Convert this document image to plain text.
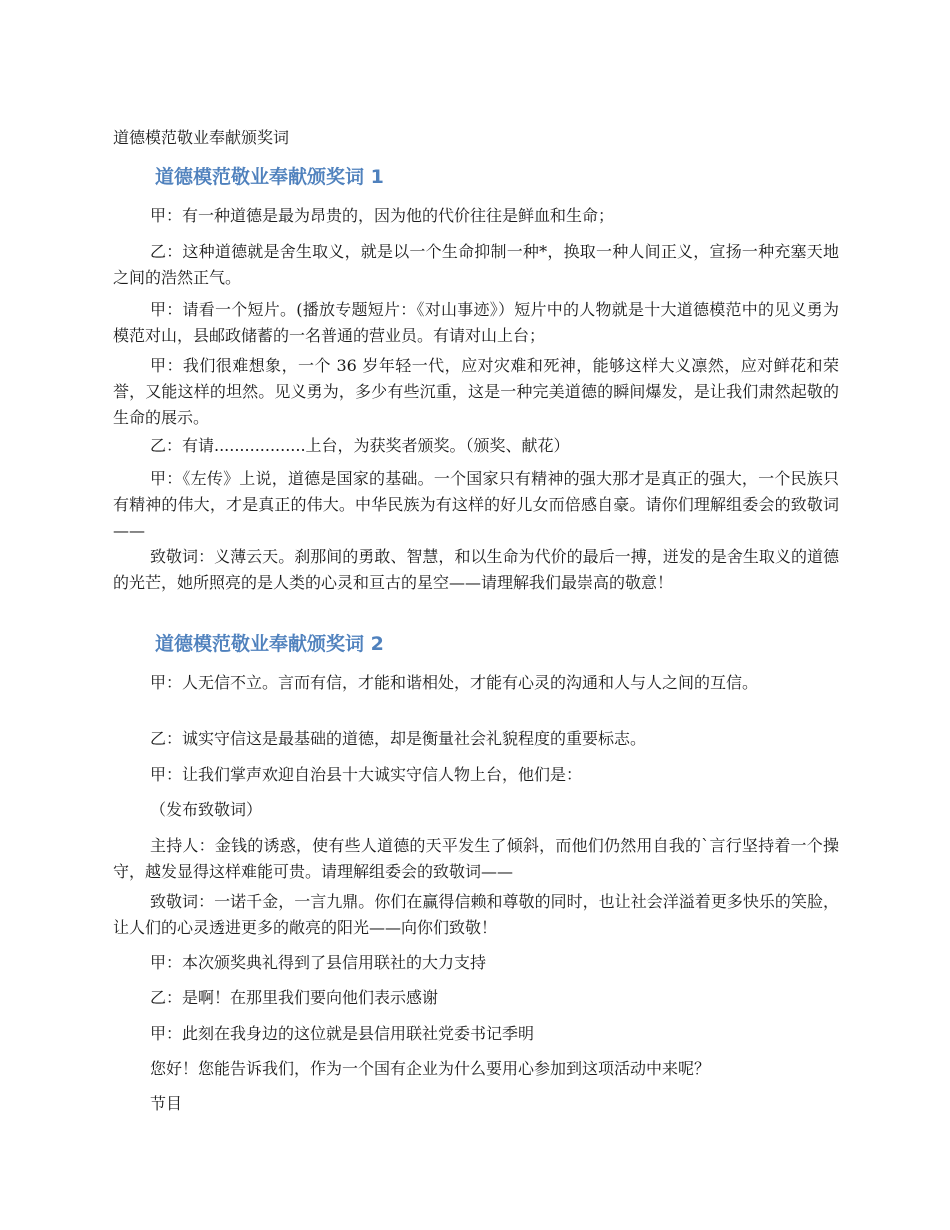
道德模范敬业奉献颁奖词

道德模范敬业奉献颁奖词 1

甲：有一种道德是最为昂贵的，因为他的代价往往是鲜血和生命；

乙：这种道德就是舍生取义，就是以一个生命抑制一种*，换取一种人间正义，宣扬一种充塞天地之间的浩然正气。

甲：请看一个短片。(播放专题短片：《对山事迹》）短片中的人物就是十大道德模范中的见义勇为模范对山，县邮政储蓄的一名普通的营业员。有请对山上台；

甲：我们很难想象，一个 36 岁年轻一代，应对灾难和死神，能够这样大义凛然，应对鲜花和荣誉，又能这样的坦然。见义勇为，多少有些沉重，这是一种完美道德的瞬间爆发，是让我们肃然起敬的生命的展示。

乙：有请..................上台，为获奖者颁奖。（颁奖、献花）

甲：《左传》上说，道德是国家的基础。一个国家只有精神的强大那才是真正的强大，一个民族只有精神的伟大，才是真正的伟大。中华民族为有这样的好儿女而倍感自豪。请你们理解组委会的致敬词——

致敬词：义薄云天。刹那间的勇敢、智慧，和以生命为代价的最后一搏，迸发的是舍生取义的道德的光芒，她所照亮的是人类的心灵和亘古的星空——请理解我们最崇高的敬意！

道德模范敬业奉献颁奖词 2

甲：人无信不立。言而有信，才能和谐相处，才能有心灵的沟通和人与人之间的互信。

乙：诚实守信这是最基础的道德，却是衡量社会礼貌程度的重要标志。

甲：让我们掌声欢迎自治县十大诚实守信人物上台，他们是：

（发布致敬词）

主持人：金钱的诱惑，使有些人道德的天平发生了倾斜，而他们仍然用自我的`言行坚持着一个操守，越发显得这样难能可贵。请理解组委会的致敬词——

致敬词：一诺千金，一言九鼎。你们在赢得信赖和尊敬的同时，也让社会洋溢着更多快乐的笑脸，让人们的心灵透进更多的敞亮的阳光——向你们致敬！

甲：本次颁奖典礼得到了县信用联社的大力支持

乙：是啊！在那里我们要向他们表示感谢

甲：此刻在我身边的这位就是县信用联社党委书记季明

您好！您能告诉我们，作为一个国有企业为什么要用心参加到这项活动中来呢？

节目
